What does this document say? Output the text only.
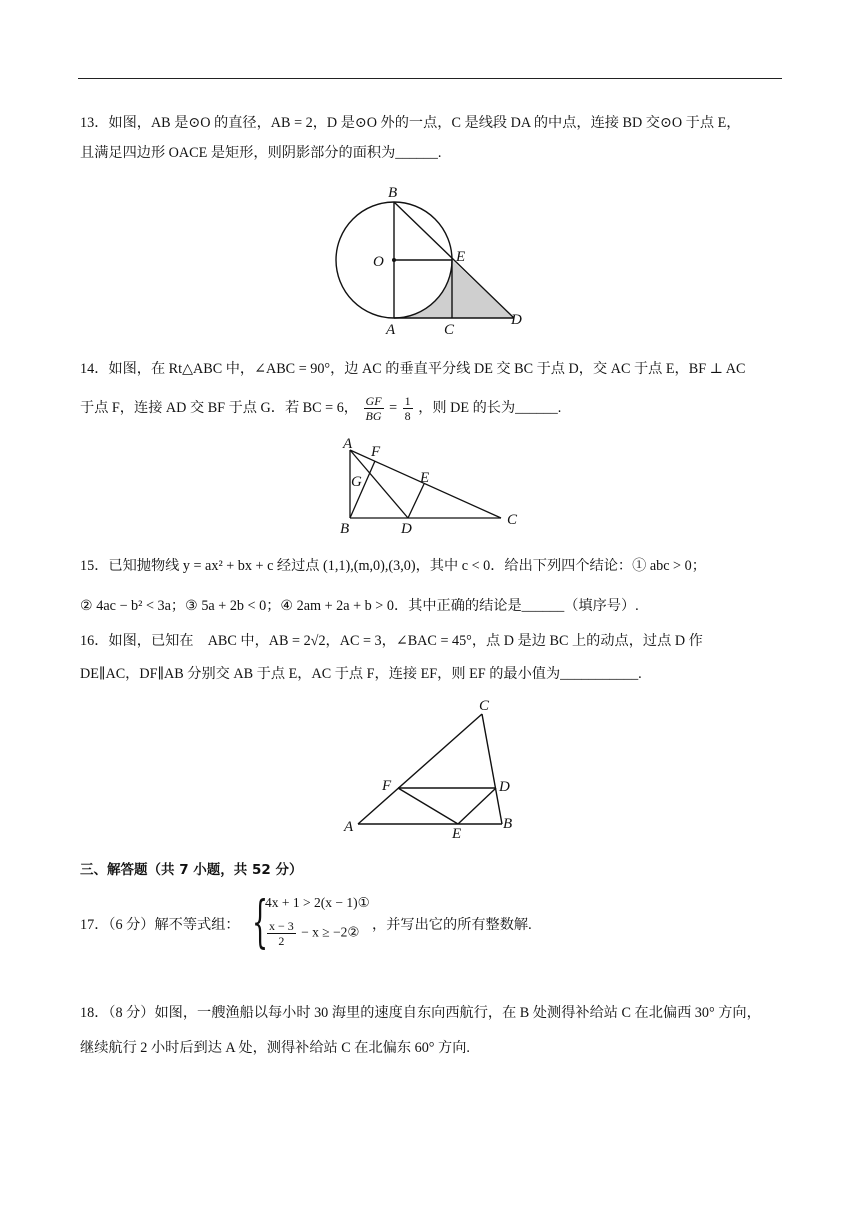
13．如图，AB 是⊙O 的直径，AB = 2，D 是⊙O 外的一点，C 是线段 DA 的中点，连接 BD 交⊙O 于点 E，
且满足四边形 OACE 是矩形，则阴影部分的面积为______.
B
O	E
A	C
D
14．如图，在 Rt△ABC 中，∠ABC = 90°，边 AC 的垂直平分线 DE 交 BC 于点 D，交 AC 于点 E，BF ⊥ AC
于点 F，连接 AD 交 BF 于点 G．若 BC = 6， $\frac{GF}{BG} = \frac{1}{8}$ ，则 DE 的长为______.
A F
G	E
B	D
C
15．已知抛物线 y = ax² + bx + c 经过点 (1,1),(m,0),(3,0)，其中 c < 0．给出下列四个结论：① abc > 0；
② 4ac − b² < 3a；③ 5a + 2b < 0；④ 2am + 2a + b > 0．其中正确的结论是______（填序号）.
16．如图，已知在　ABC 中，AB = 2√2，AC = 3，∠BAC = 45°，点 D 是边 BC 上的动点，过点 D 作
DE∥AC，DF∥AB 分别交 AB 于点 E，AC 于点 F，连接 EF，则 EF 的最小值为___________.
C
F	D
A	E
B
三、解答题（共 7 小题，共 52 分）
17．（6 分）解不等式组： {
4x + 1 > 2(x − 1)①
$\frac{x - 3}{2} - x$ ≥ −2② ，并写出它的所有整数解.
18．（8 分）如图，一艘渔船以每小时 30 海里的速度自东向西航行，在 B 处测得补给站 C 在北偏西 30° 方向，
继续航行 2 小时后到达 A 处，测得补给站 C 在北偏东 60° 方向.
